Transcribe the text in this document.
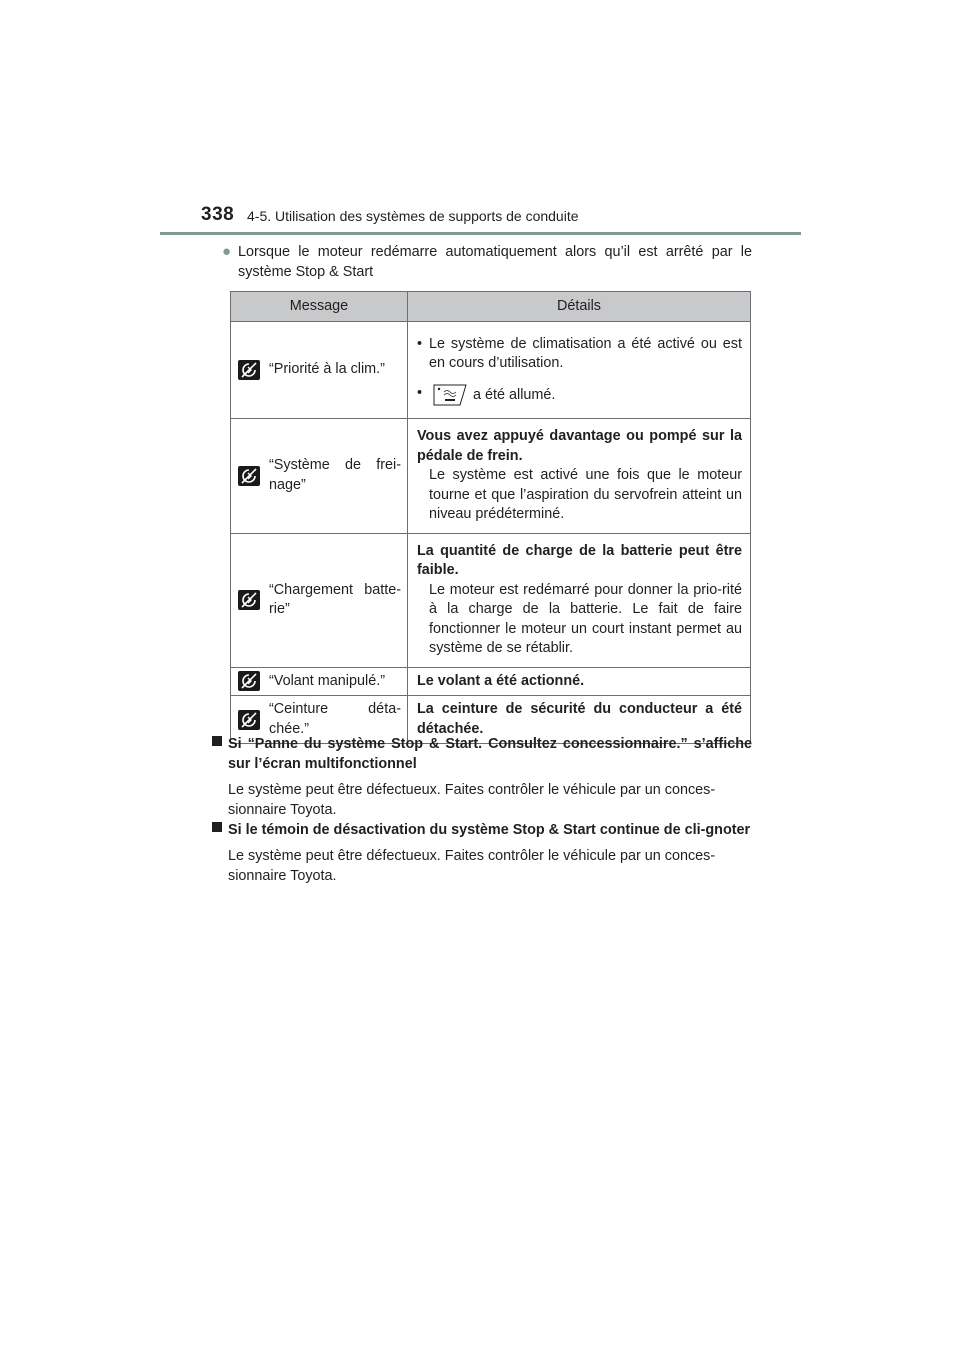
338 4-5. Utilisation des systèmes de supports de conduite
● Lorsque le moteur redémarre automatiquement alors qu’il est arrêté par le système Stop & Start
Message	Détails

“Priorité à la clim.”	• Le système de climatisation a été activé ou est en cours d’utilisation.
• a été allumé.

“Système de frei-nage”	Vous avez appuyé davantage ou pompé sur la pédale de frein.
Le système est activé une fois que le moteur tourne et que l’aspiration du servofrein atteint un niveau prédéterminé.

“Chargement batte-rie”	La quantité de charge de la batterie peut être faible.
Le moteur est redémarré pour donner la prio-rité à la charge de la batterie. Le fait de faire fonctionner le moteur un court instant permet au système de se rétablir.

“Volant manipulé.”	Le volant a été actionné.

“Ceinture déta-chée.”	La ceinture de sécurité du conducteur a été détachée.
Si “Panne du système Stop & Start. Consultez concessionnaire.” s’affiche sur l’écran multifonctionnel
Le système peut être défectueux. Faites contrôler le véhicule par un conces-sionnaire Toyota.
Si le témoin de désactivation du système Stop & Start continue de cli-gnoter
Le système peut être défectueux. Faites contrôler le véhicule par un conces-sionnaire Toyota.
